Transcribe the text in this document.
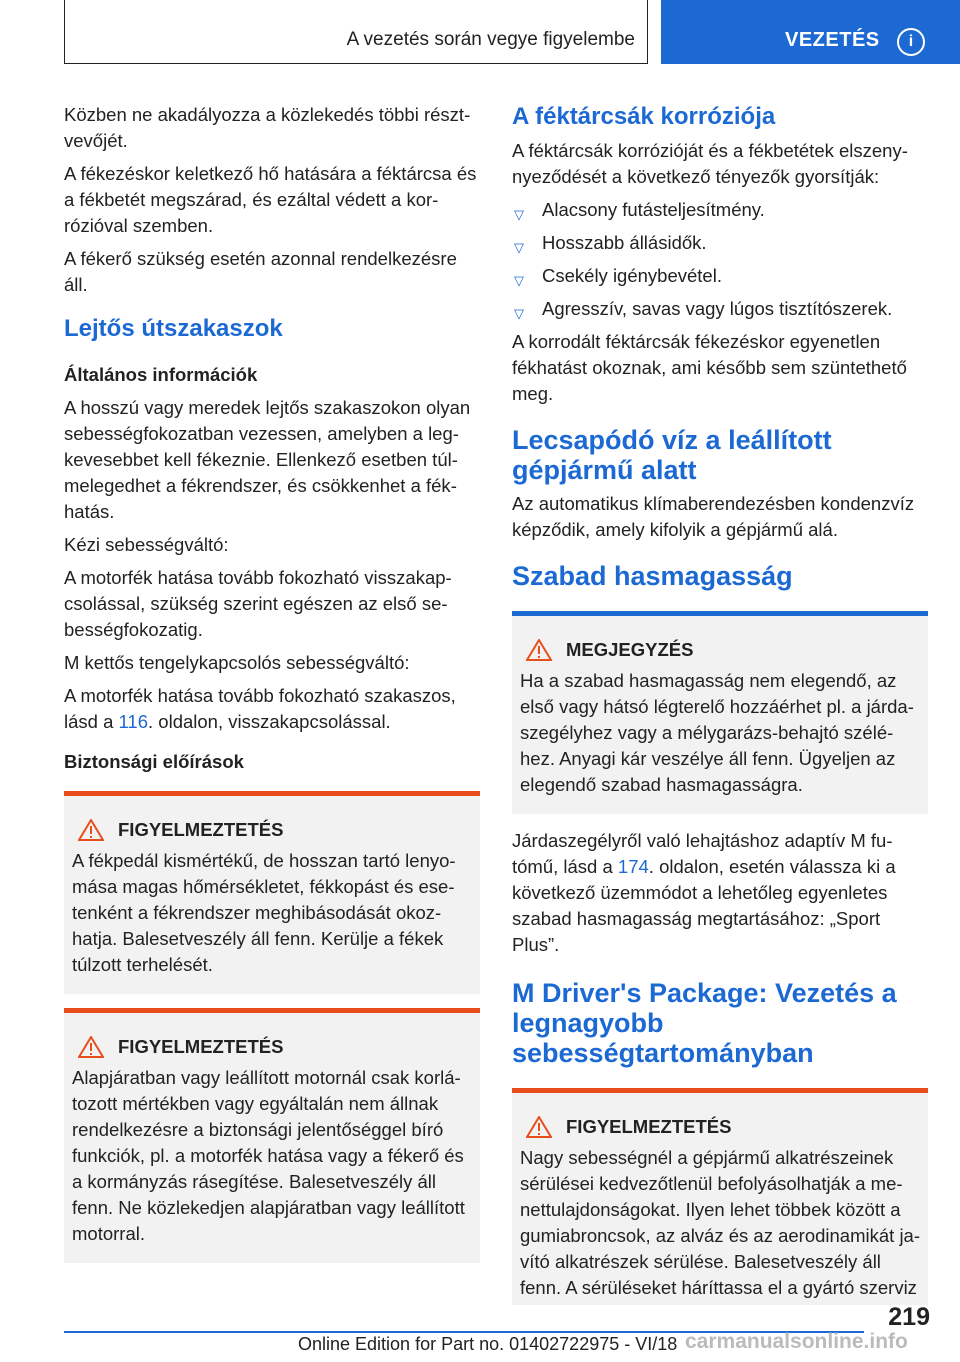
A vezetés során vegye figyelembe	VEZETÉS	i

Közben ne akadályozza a közlekedés többi résztvevőjét.

A fékezéskor keletkező hő hatására a féktárcsa és a fékbetét megszárad, és ezáltal védett a korrózióval szemben.

A fékerő szükség esetén azonnal rendelkezésre áll.

Lejtős útszakaszok
Általános információk

A hosszú vagy meredek lejtős szakaszokon olyan sebességfokozatban vezessen, amelyben a legkevesebbet kell fékeznie. Ellenkező esetben túlmelegedhet a fékrendszer, és csökkenhet a fékhatás.

Kézi sebességváltó:

A motorfék hatása tovább fokozható visszakapcsolással, szükség szerint egészen az első sebességfokozatig.

M kettős tengelykapcsolós sebességváltó:

A motorfék hatása tovább fokozható szakaszos, lásd a 116. oldalon, visszakapcsolással.

Biztonsági előírások
FIGYELMEZTETÉS

A fékpedál kismértékű, de hosszan tartó lenyomása magas hőmérsékletet, fékkopást és esetenként a fékrendszer meghibásodását okozhatja. Balesetveszély áll fenn. Kerülje a fékek túlzott terhelését.

FIGYELMEZTETÉS

Alapjáratban vagy leállított motornál csak korlátozott mértékben vagy egyáltalán nem állnak rendelkezésre a biztonsági jelentőséggel bíró funkciók, pl. a motorfék hatása vagy a fékerő és a kormányzás rásegítése. Balesetveszély áll fenn. Ne közlekedjen alapjáratban vagy leállított motorral.

A féktárcsák korróziója

A féktárcsák korrózióját és a fékbetétek elszenynyeződését a következő tényezők gyorsítják:

▽ Alacsony futásteljesítmény.
▽ Hosszabb állásidők.
▽ Csekély igénybevétel.
▽ Agresszív, savas vagy lúgos tisztítószerek.

A korrodált féktárcsák fékezéskor egyenetlen fékhatást okoznak, ami később sem szüntethető meg.

Lecsapódó víz a leállított gépjármű alatt

Az automatikus klímaberendezésben kondenzvíz képződik, amely kifolyik a gépjármű alá.

Szabad hasmagasság
MEGJEGYZÉS

Ha a szabad hasmagasság nem elegendő, az első vagy hátsó légterelő hozzáérhet pl. a járdaszegélyhez vagy a mélygarázs-behajtó széléhez. Anyagi kár veszélye áll fenn. Ügyeljen az elegendő szabad hasmagasságra.

Járdaszegélyről való lehajtáshoz adaptív M futómű, lásd a 174. oldalon, esetén válassza ki a következő üzemmódot a lehetőleg egyenletes szabad hasmagasság megtartásához: „Sport Plus”.

M Driver's Package: Vezetés a legnagyobb sebességtartományban
FIGYELMEZTETÉS

Nagy sebességnél a gépjármű alkatrészeinek sérülései kedvezőtlenül befolyásolhatják a menettulajdonságokat. Ilyen lehet többek között a gumiabroncsok, az alváz és az aerodinamikát javító alkatrészek sérülése. Balesetveszély áll fenn. A sérüléseket háríttassa el a gyártó szerviz

219
Online Edition for Part no. 01402722975 - VI/18 carmanualsonline.info
